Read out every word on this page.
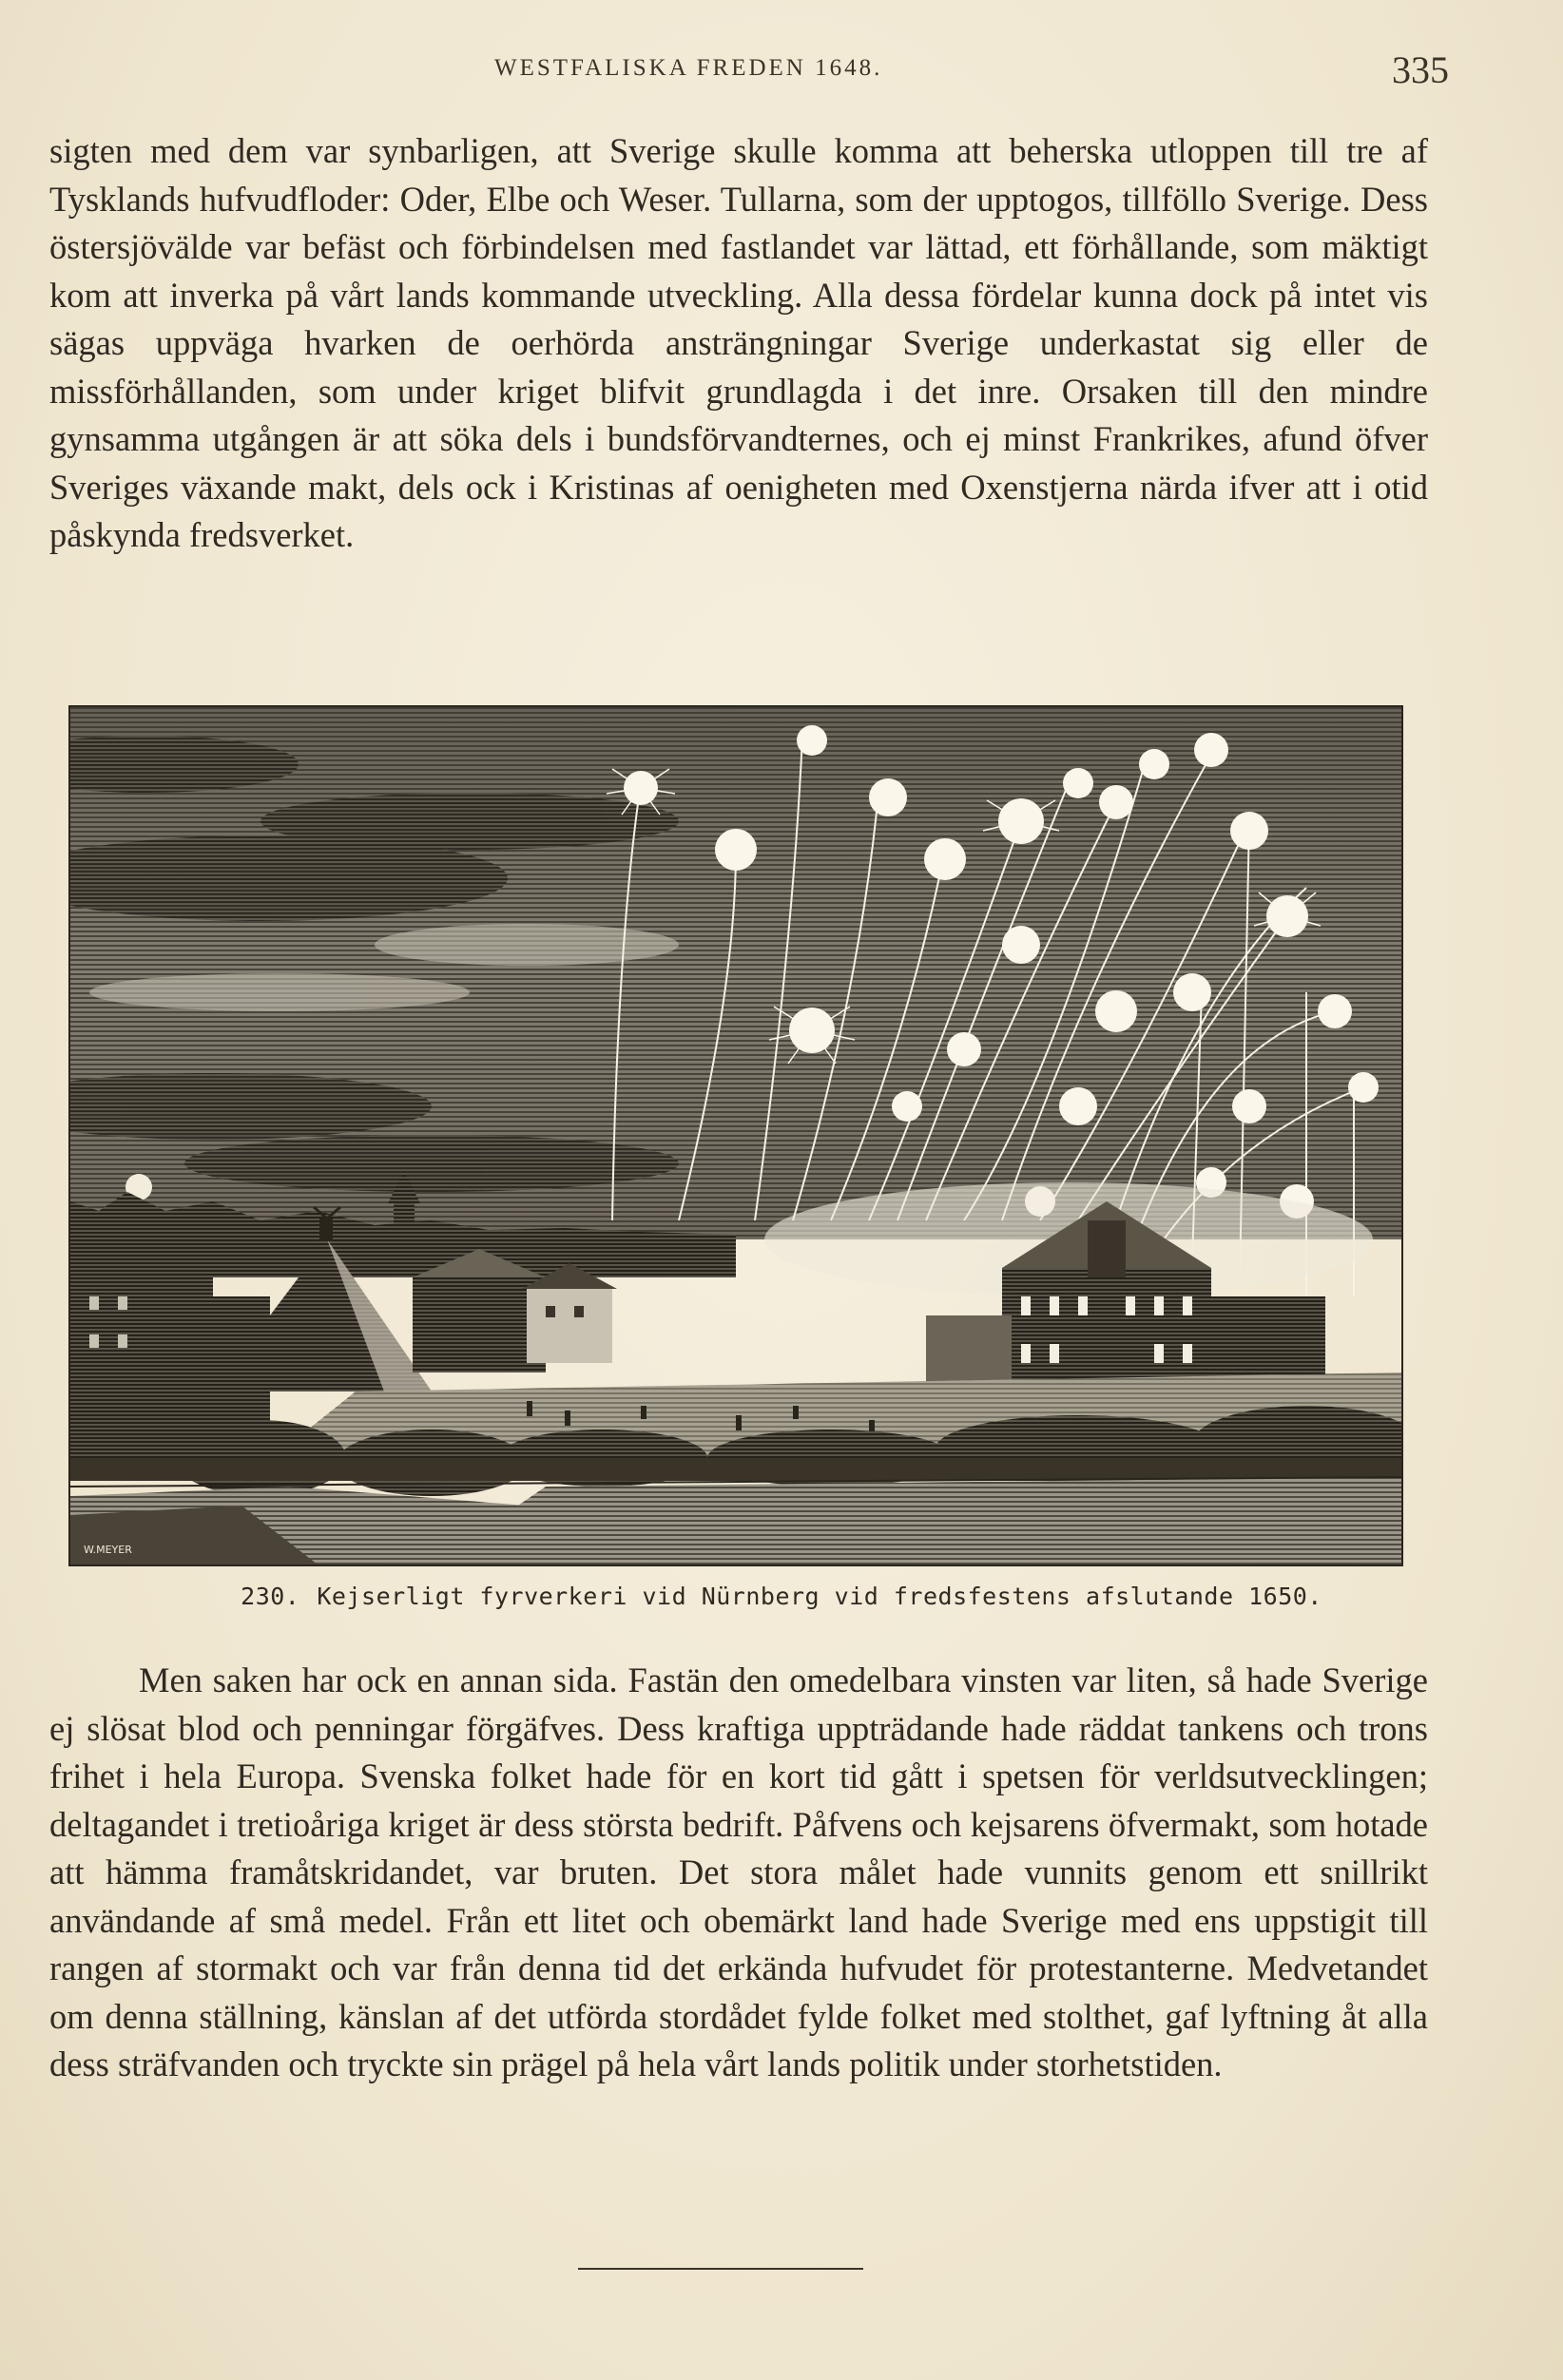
WESTFALISKA FREDEN 1648.	335

sigten med dem var synbarligen, att Sverige skulle komma att beherska utloppen till tre af Tysklands hufvudfloder: Oder, Elbe och Weser. Tullarna, som der upptogos, tillföllo Sverige. Dess östersjövälde var befäst och förbindelsen med fastlandet var lättad, ett förhållande, som mäktigt kom att inverka på vårt lands kommande utveckling. Alla dessa fördelar kunna dock på intet vis sägas uppväga hvarken de oerhörda ansträngningar Sverige underkastat sig eller de missförhållanden, som under kriget blifvit grundlagda i det inre. Orsaken till den mindre gynsamma utgången är att söka dels i bundsförvandternes, och ej minst Frankrikes, afund öfver Sveriges växande makt, dels ock i Kristinas af oenigheten med Oxenstjerna närda ifver att i otid påskynda fredsverket.

W.MEYER
230. Kejserligt fyrverkeri vid Nürnberg vid fredsfestens afslutande 1650.

Men saken har ock en annan sida. Fastän den omedelbara vinsten var liten, så hade Sverige ej slösat blod och penningar förgäfves. Dess kraftiga uppträdande hade räddat tankens och trons frihet i hela Europa. Svenska folket hade för en kort tid gått i spetsen för verldsutvecklingen; deltagandet i tretioåriga kriget är dess största bedrift. Påfvens och kejsarens öfvermakt, som hotade att hämma framåtskridandet, var bruten. Det stora målet hade vunnits genom ett snillrikt användande af små medel. Från ett litet och obemärkt land hade Sverige med ens uppstigit till rangen af stormakt och var från denna tid det erkända hufvudet för protestanterne. Medvetandet om denna ställning, känslan af det utförda stordådet fylde folket med stolthet, gaf lyftning åt alla dess sträfvanden och tryckte sin prägel på hela vårt lands politik under storhetstiden.
